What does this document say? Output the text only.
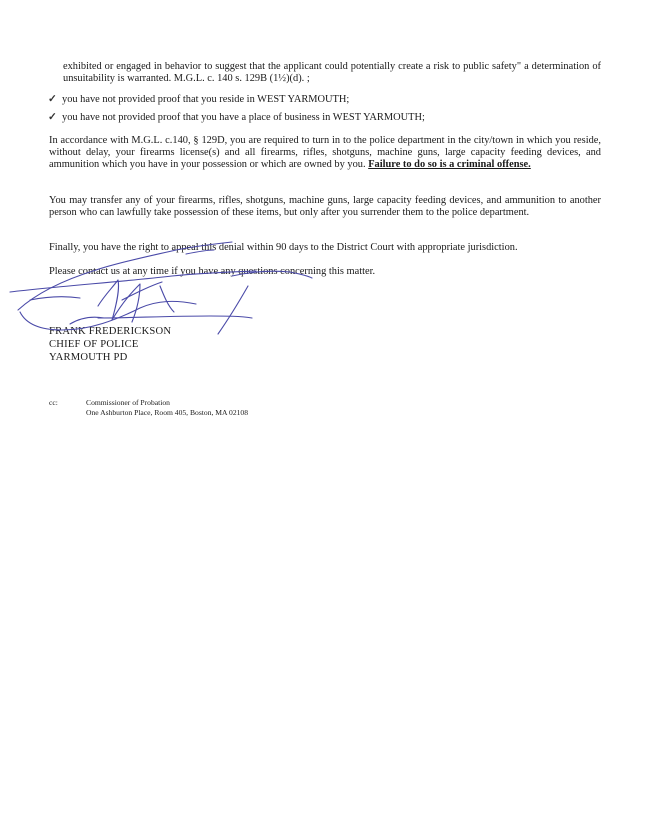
exhibited or engaged in behavior to suggest that the applicant could potentially create a risk to public safety" a determination of unsuitability is warranted. M.G.L. c. 140 s. 129B (1½)(d). ;
✓ you have not provided proof that you reside in WEST YARMOUTH;
✓ you have not provided proof that you have a place of business in WEST YARMOUTH;
In accordance with M.G.L. c.140, § 129D, you are required to turn in to the police department in the city/town in which you reside, without delay, your firearms license(s) and all firearms, rifles, shotguns, machine guns, large capacity feeding devices, and ammunition which you have in your possession or which are owned by you. Failure to do so is a criminal offense.
You may transfer any of your firearms, rifles, shotguns, machine guns, large capacity feeding devices, and ammunition to another person who can lawfully take possession of these items, but only after you surrender them to the police department.
Finally, you have the right to appeal this denial within 90 days to the District Court with appropriate jurisdiction.
Please contact us at any time if you have any questions concerning this matter.
FRANK FREDERICKSON
CHIEF OF POLICE
YARMOUTH PD
cc:	Commissioner of Probation
One Ashburton Place, Room 405, Boston, MA 02108
